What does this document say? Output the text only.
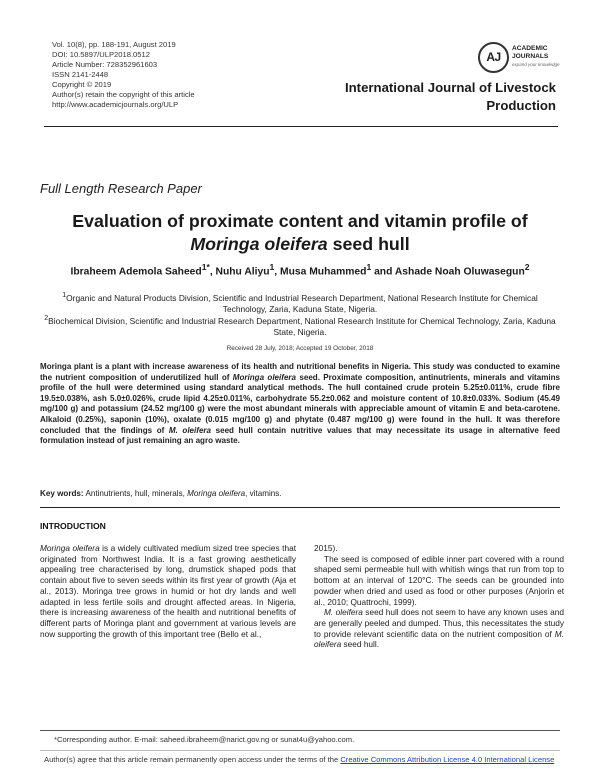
Vol. 10(8), pp. 188-191, August 2019
DOI: 10.5897/ULP2018.0512
Article Number: 728352961603
ISSN 2141-2448
Copyright © 2019
Author(s) retain the copyright of this article
http://www.academicjournals.org/ULP
AJ
ACADEMIC
JOURNALS
expand your knowledge
International Journal of Livestock
Production
Full Length Research Paper
Evaluation of proximate content and vitamin profile of
Moringa oleifera seed hull
Ibraheem Ademola Saheed$^{1*}$, Nuhu Aliyu$^1$, Musa Muhammed$^1$ and Ashade Noah Oluwasegun$^2$
$^1$Organic and Natural Products Division, Scientific and Industrial Research Department, National Research Institute for Chemical Technology, Zaria, Kaduna State, Nigeria.
$^2$Biochemical Division, Scientific and Industrial Research Department, National Research Institute for Chemical Technology, Zaria, Kaduna State, Nigeria.
Received 28 July, 2018; Accepted 19 October, 2018
Moringa plant is a plant with increase awareness of its health and nutritional benefits in Nigeria. This study was conducted to examine the nutrient composition of underutilized hull of Moringa oleifera seed. Proximate composition, antinutrients, minerals and vitamins profile of the hull were determined using standard analytical methods. The hull contained crude protein 5.25±0.011%, crude fibre 19.5±0.038%, ash 5.0±0.026%, crude lipid 4.25±0.011%, carbohydrate 55.2±0.062 and moisture content of 10.8±0.033%. Sodium (45.49 mg/100 g) and potassium (24.52 mg/100 g) were the most abundant minerals with appreciable amount of vitamin E and beta-carotene. Alkaloid (0.25%), saponin (10%), oxalate (0.015 mg/100 g) and phytate (0.487 mg/100 g) were found in the hull. It was therefore concluded that the findings of M. oleifera seed hull contain nutritive values that may necessitate its usage in alternative feed formulation instead of just remaining an agro waste.
Key words: Antinutrients, hull, minerals, Moringa oleifera, vitamins.
INTRODUCTION

Moringa oleifera is a widely cultivated medium sized tree species that originated from Northwest India. It is a fast growing aesthetically appealing tree characterised by long, drumstick shaped pods that contain about five to seven seeds within its first year of growth (Aja et al., 2013). Moringa tree grows in humid or hot dry lands and well adapted in less fertile soils and drought affected areas. In Nigeria, there is increasing awareness of the health and nutritional benefits of different parts of Moringa plant and government at various levels are now supporting the growth of this important tree (Bello et al.,

2015).

The seed is composed of edible inner part covered with a round shaped semi permeable hull with whitish wings that run from top to bottom at an interval of 120°C. The seeds can be grounded into powder when dried and used as food or other purposes (Anjorin et al., 2010; Quattrochi, 1999).

M. oleifera seed hull does not seem to have any known uses and are generally peeled and dumped. Thus, this necessitates the study to provide relevant scientific data on the nutrient composition of M. oleifera seed hull.

*Corresponding author. E-mail: saheed.ibraheem@narict.gov.ng or sunat4u@yahoo.com.
Author(s) agree that this article remain permanently open access under the terms of the Creative Commons Attribution License 4.0 International License
